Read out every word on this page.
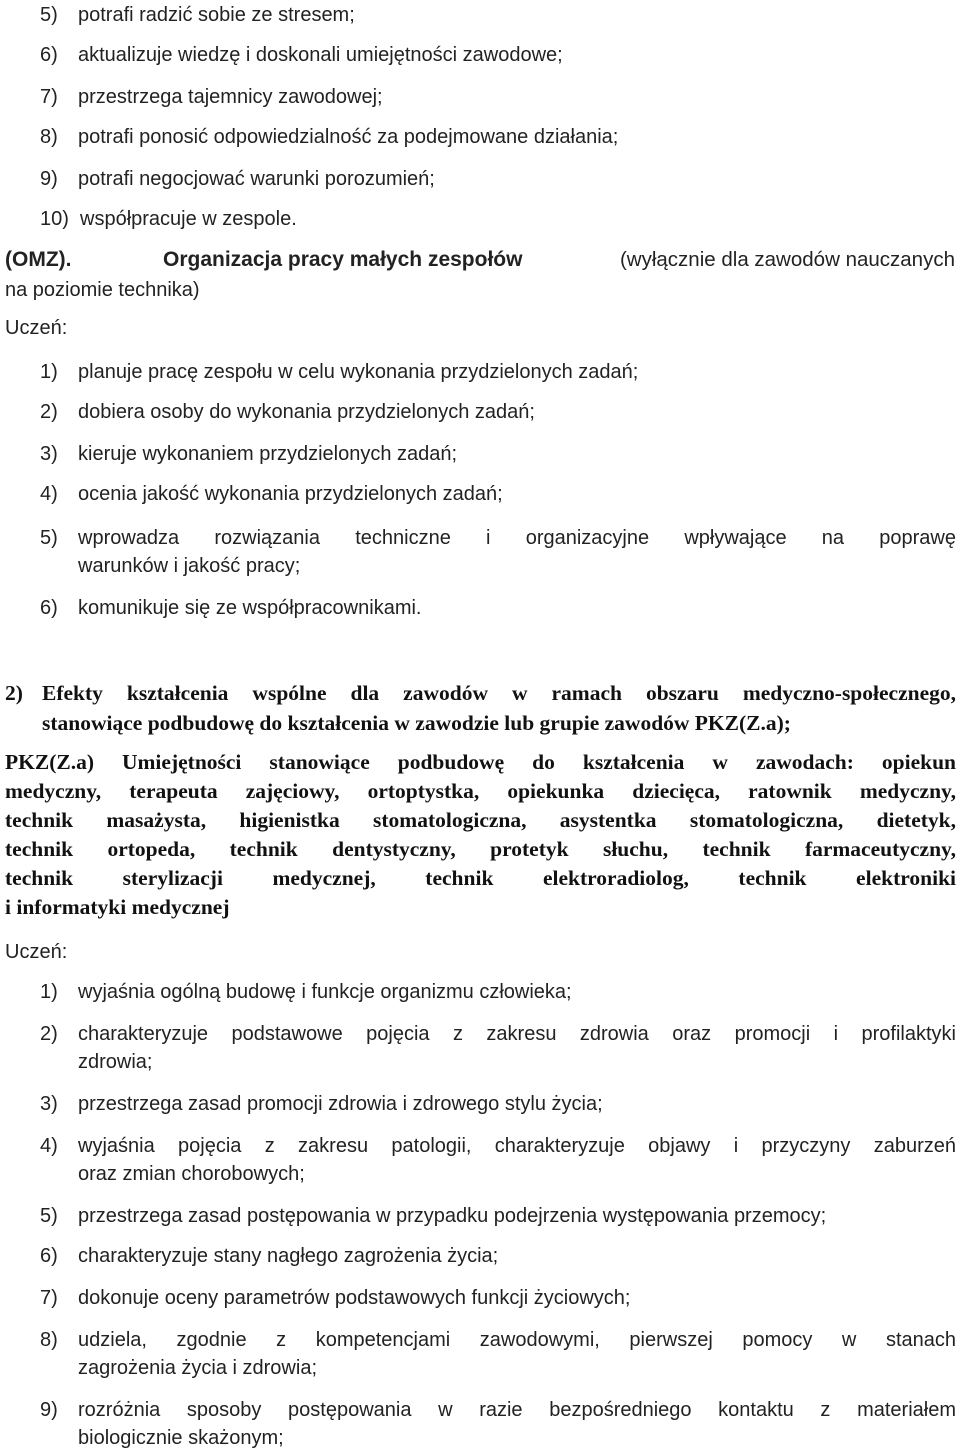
5) potrafi radzić sobie ze stresem;
6) aktualizuje wiedzę i doskonali umiejętności zawodowe;
7) przestrzega tajemnicy zawodowej;
8) potrafi ponosić odpowiedzialność za podejmowane działania;
9) potrafi negocjować warunki porozumień;
10) współpracuje w zespole.
(OMZ).	Organizacja pracy małych zespołów	(wyłącznie dla zawodów nauczanych
na poziomie technika)
Uczeń:
1) planuje pracę zespołu w celu wykonania przydzielonych zadań;
2) dobiera osoby do wykonania przydzielonych zadań;
3) kieruje wykonaniem przydzielonych zadań;
4) ocenia jakość wykonania przydzielonych zadań;
5) wprowadza rozwiązania techniczne i organizacyjne wpływające na poprawę
warunków i jakość pracy;
6) komunikuje się ze współpracownikami.
2) Efekty kształcenia wspólne dla zawodów w ramach obszaru medyczno-społecznego,
stanowiące podbudowę do kształcenia w zawodzie lub grupie zawodów PKZ(Z.a);
PKZ(Z.a) Umiejętności stanowiące podbudowę do kształcenia w zawodach: opiekun
medyczny, terapeuta zajęciowy, ortoptystka, opiekunka dziecięca, ratownik medyczny,
technik masażysta, higienistka stomatologiczna, asystentka stomatologiczna, dietetyk,
technik ortopeda, technik dentystyczny, protetyk słuchu, technik farmaceutyczny,
technik sterylizacji medycznej, technik elektroradiolog, technik elektroniki
i informatyki medycznej
Uczeń:
1) wyjaśnia ogólną budowę i funkcje organizmu człowieka;
2) charakteryzuje podstawowe pojęcia z zakresu zdrowia oraz promocji i profilaktyki
zdrowia;
3) przestrzega zasad promocji zdrowia i zdrowego stylu życia;
4) wyjaśnia pojęcia z zakresu patologii, charakteryzuje objawy i przyczyny zaburzeń
oraz zmian chorobowych;
5) przestrzega zasad postępowania w przypadku podejrzenia występowania przemocy;
6) charakteryzuje stany nagłego zagrożenia życia;
7) dokonuje oceny parametrów podstawowych funkcji życiowych;
8) udziela, zgodnie z kompetencjami zawodowymi, pierwszej pomocy w stanach
zagrożenia życia i zdrowia;
9) rozróżnia sposoby postępowania w razie bezpośredniego kontaktu z materiałem
biologicznie skażonym;
